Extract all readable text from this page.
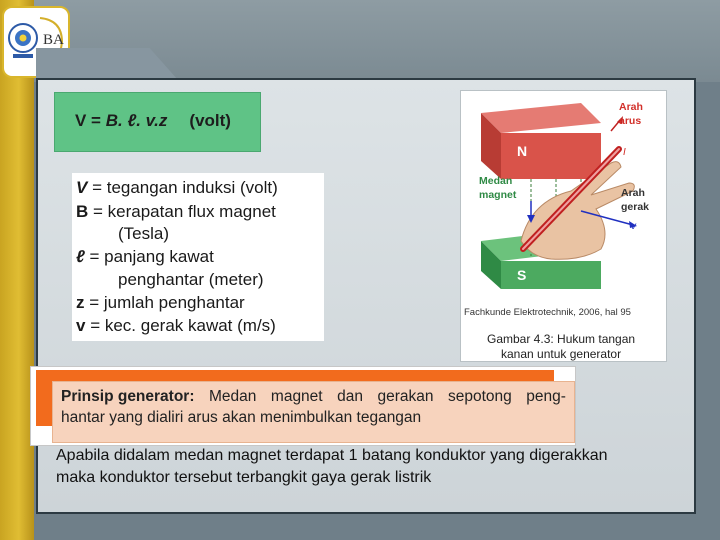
BA
V = B. ℓ. v.z (volt)
V = tegangan induksi (volt)
B = kerapatan flux magnet
(Tesla)
ℓ = panjang kawat
penghantar (meter)
z = jumlah penghantar
v = kec. gerak kawat (m/s)
N
S
Arah
arus
I
Medan
magnet	Arah
gerak
v
Fachkunde Elektrotechnik, 2006, hal 95
Gambar 4.3: Hukum tangan
kanan untuk generator
Prinsip generator: Medan magnet dan gerakan sepotong peng-
hantar yang dialiri arus akan menimbulkan tegangan
Apabila didalam medan magnet terdapat 1 batang konduktor yang digerakkan
maka konduktor tersebut terbangkit gaya gerak listrik
